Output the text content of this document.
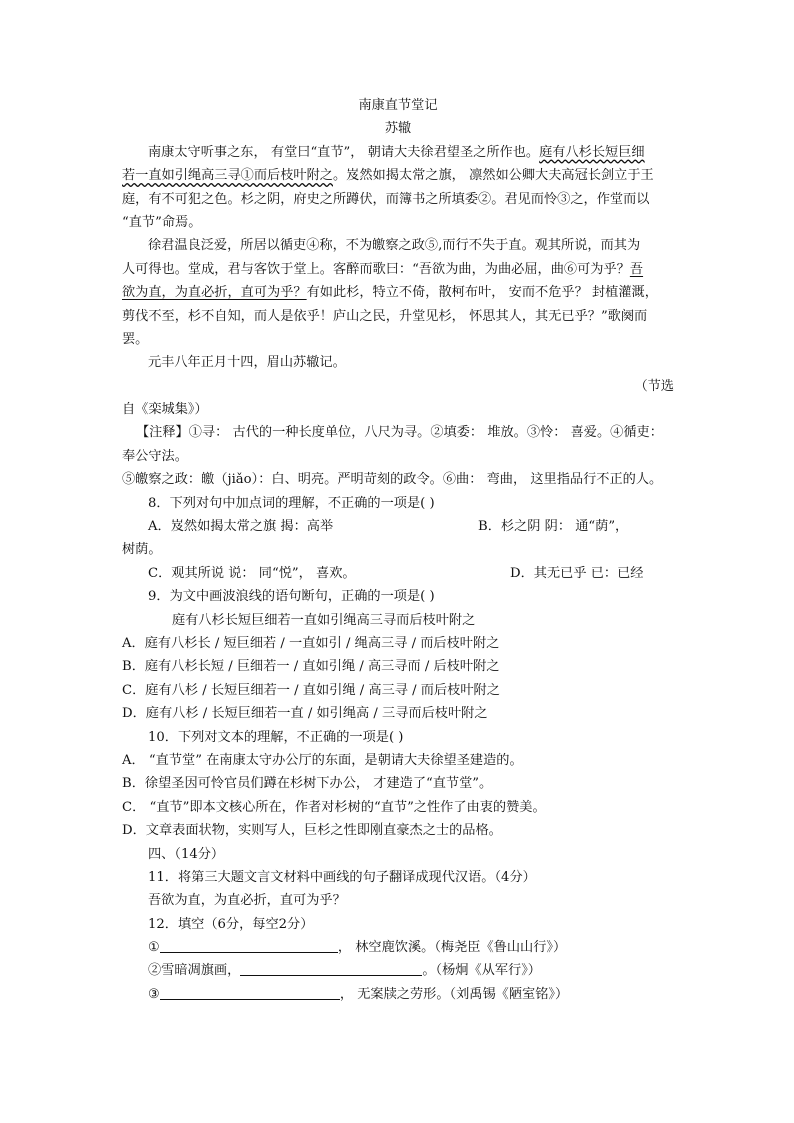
南康直节堂记
苏辙
南康太守听事之东， 有堂曰“直节”， 朝请大夫徐君望圣之所作也。庭有八杉长短巨细
若一直如引绳高三寻①而后枝叶附之。岌然如揭太常之旗， 凛然如公卿大夫高冠长剑立于王
庭，有不可犯之色。杉之阴，府史之所蹲伏，而簿书之所填委②。君见而怜③之，作堂而以
“直节”命焉。
徐君温良泛爱，所居以循吏④称，不为皦察之政⑤,而行不失于直。观其所说，而其为
人可得也。堂成，君与客饮于堂上。客醉而歌曰：“吾欲为曲，为曲必屈，曲⑥可为乎？吾
欲为直，为直必折，直可为乎？有如此杉，特立不倚，散柯布叶， 安而不危乎？ 封植灌溉，
剪伐不至，杉不自知，而人是依乎！庐山之民，升堂见杉， 怀思其人，其无已乎？”歌阕而
罢。
元丰八年正月十四，眉山苏辙记。
（节选
自《栾城集》）
【注释】①寻： 古代的一种长度单位，八尺为寻。②填委： 堆放。③怜： 喜爱。④循吏：
奉公守法。
⑤皦察之政：皦（jiǎo）：白、明亮。严明苛刻的政令。⑥曲： 弯曲， 这里指品行不正的人。
8．下列对句中加点词的理解，不正确的一项是( )
A．岌然如揭太常之旗 揭：高举	B．杉之阴 阴： 通“荫”，
树荫。
C．观其所说 说： 同“悦”， 喜欢。	D．其无已乎 已：已经
9．为文中画波浪线的语句断句，正确的一项是( )
庭有八杉长短巨细若一直如引绳高三寻而后枝叶附之
A．庭有八杉长 / 短巨细若 / 一直如引 / 绳高三寻 / 而后枝叶附之
B．庭有八杉长短 / 巨细若一 / 直如引绳 / 高三寻而 / 后枝叶附之
C．庭有八杉 / 长短巨细若一 / 直如引绳 / 高三寻 / 而后枝叶附之
D．庭有八杉 / 长短巨细若一直 / 如引绳高 / 三寻而后枝叶附之
10．下列对文本的理解，不正确的一项是( )
A． “直节堂” 在南康太守办公厅的东面，是朝请大夫徐望圣建造的。
B．徐望圣因可怜官员们蹲在杉树下办公， 才建造了“直节堂”。
C． “直节”即本文核心所在，作者对杉树的“直节”之性作了由衷的赞美。
D．文章表面状物，实则写人，巨杉之性即刚直豪杰之士的品格。
四、（14分）
11．将第三大题文言文材料中画线的句子翻译成现代汉语。（4分）
吾欲为直，为直必折，直可为乎？
12．填空（6分，每空2分）
①	， 林空鹿饮溪。（梅尧臣《鲁山山行》）
②雪暗凋旗画，	。（杨炯《从军行》）
③	， 无案牍之劳形。（刘禹锡《陋室铭》）
